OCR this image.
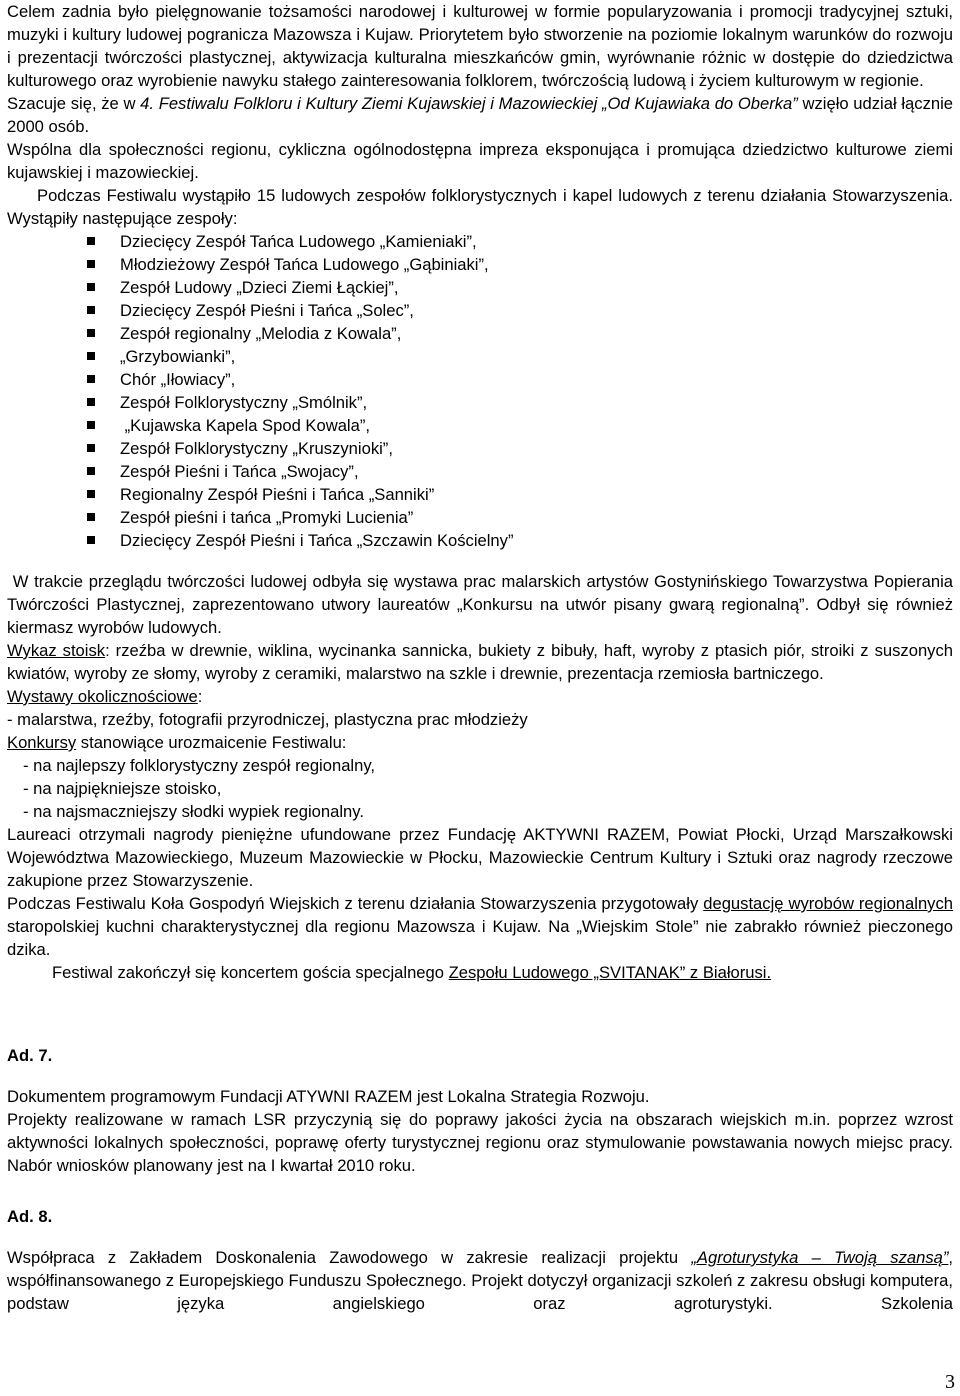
Celem zadnia było pielęgnowanie tożsamości narodowej i kulturowej w formie popularyzowania i promocji tradycyjnej sztuki, muzyki i kultury ludowej pogranicza Mazowsza i Kujaw. Priorytetem było stworzenie na poziomie lokalnym warunków do rozwoju i prezentacji twórczości plastycznej, aktywizacja kulturalna mieszkańców gmin, wyrównanie różnic w dostępie do dziedzictwa kulturowego oraz wyrobienie nawyku stałego zainteresowania folklorem, twórczością ludową i życiem kulturowym w regionie.

Szacuje się, że w 4. Festiwalu Folkloru i Kultury Ziemi Kujawskiej i Mazowieckiej „Od Kujawiaka do Oberka” wzięło udział łącznie 2000 osób.

Wspólna dla społeczności regionu, cykliczna ogólnodostępna impreza eksponująca i promująca dziedzictwo kulturowe ziemi kujawskiej i mazowieckiej.

Podczas Festiwalu wystąpiło 15 ludowych zespołów folklorystycznych i kapel ludowych z terenu działania Stowarzyszenia. Wystąpiły następujące zespoły:

Dziecięcy Zespół Tańca Ludowego „Kamieniaki”,
Młodzieżowy Zespół Tańca Ludowego „Gąbiniaki”,
Zespół Ludowy „Dzieci Ziemi Łąckiej”,
Dziecięcy Zespół Pieśni i Tańca „Solec”,
Zespół regionalny „Melodia z Kowala”,
„Grzybowianki”,
Chór „Iłowiacy”,
Zespół Folklorystyczny „Smólnik”,
„Kujawska Kapela Spod Kowala”,
Zespół Folklorystyczny „Kruszynioki”,
Zespół Pieśni i Tańca „Swojacy”,
Regionalny Zespół Pieśni i Tańca „Sanniki”
Zespół pieśni i tańca „Promyki Lucienia”
Dziecięcy Zespół Pieśni i Tańca „Szczawin Kościelny”

W trakcie przeglądu twórczości ludowej odbyła się wystawa prac malarskich artystów Gostynińskiego Towarzystwa Popierania Twórczości Plastycznej, zaprezentowano utwory laureatów „Konkursu na utwór pisany gwarą regionalną”. Odbył się również kiermasz wyrobów ludowych.

Wykaz stoisk: rzeźba w drewnie, wiklina, wycinanka sannicka, bukiety z bibuły, haft, wyroby z ptasich piór, stroiki z suszonych kwiatów, wyroby ze słomy, wyroby z ceramiki, malarstwo na szkle i drewnie, prezentacja rzemiosła bartniczego.

Wystawy okolicznościowe:

- malarstwa, rzeźby, fotografii przyrodniczej, plastyczna prac młodzieży

Konkursy stanowiące urozmaicenie Festiwalu:

- na najlepszy folklorystyczny zespół regionalny,
- na najpiękniejsze stoisko,
- na najsmaczniejszy słodki wypiek regionalny.

Laureaci otrzymali nagrody pieniężne ufundowane przez Fundację AKTYWNI RAZEM, Powiat Płocki, Urząd Marszałkowski Województwa Mazowieckiego, Muzeum Mazowieckie w Płocku, Mazowieckie Centrum Kultury i Sztuki oraz nagrody rzeczowe zakupione przez Stowarzyszenie.

Podczas Festiwalu Koła Gospodyń Wiejskich z terenu działania Stowarzyszenia przygotowały degustację wyrobów regionalnych staropolskiej kuchni charakterystycznej dla regionu Mazowsza i Kujaw. Na „Wiejskim Stole” nie zabrakło również pieczonego dzika.

Festiwal zakończył się koncertem gościa specjalnego Zespołu Ludowego „SVITANAK” z Białorusi.

Ad. 7.

Dokumentem programowym Fundacji ATYWNI RAZEM jest Lokalna Strategia Rozwoju.

Projekty realizowane w ramach LSR przyczynią się do poprawy jakości życia na obszarach wiejskich m.in. poprzez wzrost aktywności lokalnych społeczności, poprawę oferty turystycznej regionu oraz stymulowanie powstawania nowych miejsc pracy. Nabór wniosków planowany jest na I kwartał 2010 roku.

Ad. 8.

Współpraca z Zakładem Doskonalenia Zawodowego w zakresie realizacji projektu „Agroturystyka – Twoją szansą”, współfinansowanego z Europejskiego Funduszu Społecznego. Projekt dotyczył organizacji szkoleń z zakresu obsługi komputera, podstaw języka angielskiego oraz agroturystyki. Szkolenia

3
